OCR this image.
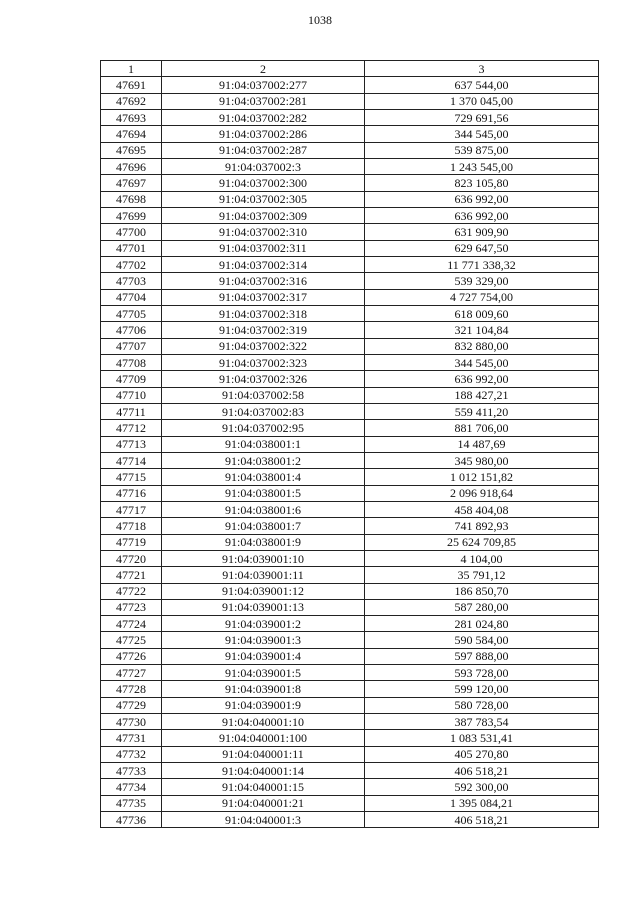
1038
1	2	3
47691	91:04:037002:277	637 544,00
47692	91:04:037002:281	1 370 045,00
47693	91:04:037002:282	729 691,56
47694	91:04:037002:286	344 545,00
47695	91:04:037002:287	539 875,00
47696	91:04:037002:3	1 243 545,00
47697	91:04:037002:300	823 105,80
47698	91:04:037002:305	636 992,00
47699	91:04:037002:309	636 992,00
47700	91:04:037002:310	631 909,90
47701	91:04:037002:311	629 647,50
47702	91:04:037002:314	11 771 338,32
47703	91:04:037002:316	539 329,00
47704	91:04:037002:317	4 727 754,00
47705	91:04:037002:318	618 009,60
47706	91:04:037002:319	321 104,84
47707	91:04:037002:322	832 880,00
47708	91:04:037002:323	344 545,00
47709	91:04:037002:326	636 992,00
47710	91:04:037002:58	188 427,21
47711	91:04:037002:83	559 411,20
47712	91:04:037002:95	881 706,00
47713	91:04:038001:1	14 487,69
47714	91:04:038001:2	345 980,00
47715	91:04:038001:4	1 012 151,82
47716	91:04:038001:5	2 096 918,64
47717	91:04:038001:6	458 404,08
47718	91:04:038001:7	741 892,93
47719	91:04:038001:9	25 624 709,85
47720	91:04:039001:10	4 104,00
47721	91:04:039001:11	35 791,12
47722	91:04:039001:12	186 850,70
47723	91:04:039001:13	587 280,00
47724	91:04:039001:2	281 024,80
47725	91:04:039001:3	590 584,00
47726	91:04:039001:4	597 888,00
47727	91:04:039001:5	593 728,00
47728	91:04:039001:8	599 120,00
47729	91:04:039001:9	580 728,00
47730	91:04:040001:10	387 783,54
47731	91:04:040001:100	1 083 531,41
47732	91:04:040001:11	405 270,80
47733	91:04:040001:14	406 518,21
47734	91:04:040001:15	592 300,00
47735	91:04:040001:21	1 395 084,21
47736	91:04:040001:3	406 518,21
